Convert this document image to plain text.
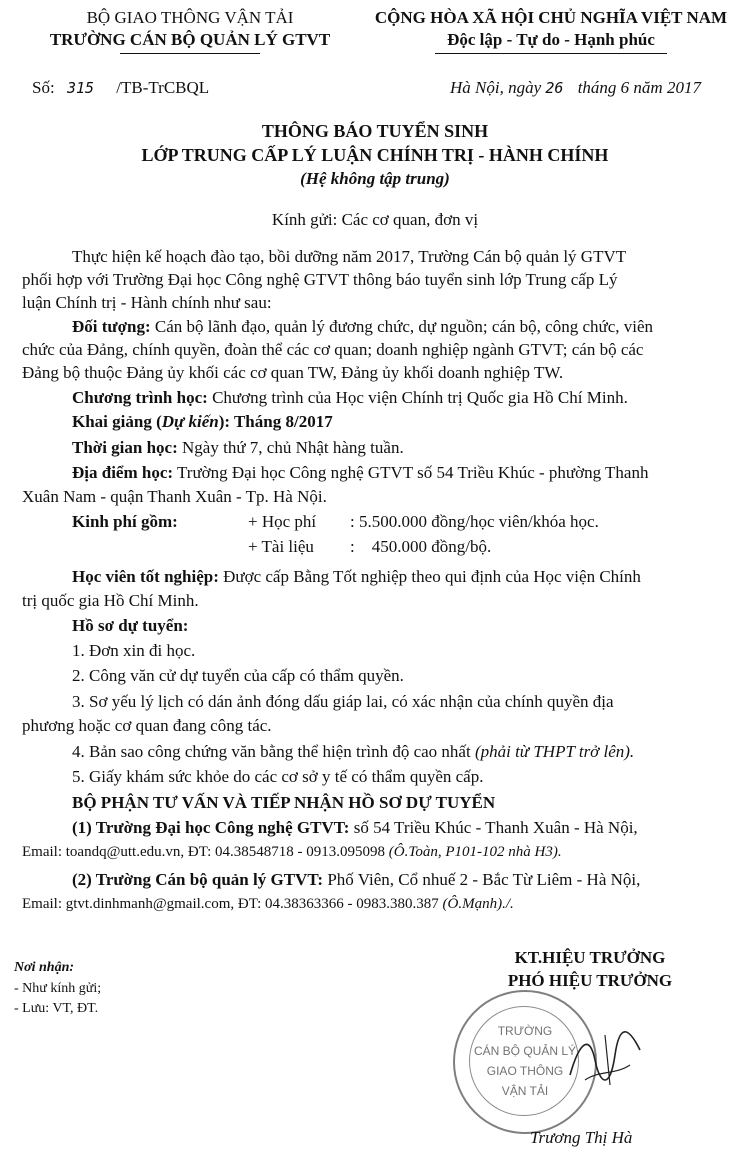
BỘ GIAO THÔNG VẬN TẢI
TRƯỜNG CÁN BỘ QUẢN LÝ GTVT
CỘNG HÒA XÃ HỘI CHỦ NGHĨA VIỆT NAM
Độc lập - Tự do - Hạnh phúc
Số: 315 /TB-TrCBQL	Hà Nội, ngày 26 tháng 6 năm 2017
THÔNG BÁO TUYỂN SINH
LỚP TRUNG CẤP LÝ LUẬN CHÍNH TRỊ - HÀNH CHÍNH
(Hệ không tập trung)
Kính gửi: Các cơ quan, đơn vị
Thực hiện kế hoạch đào tạo, bồi dưỡng năm 2017, Trường Cán bộ quản lý GTVT
phối hợp với Trường Đại học Công nghệ GTVT thông báo tuyển sinh lớp Trung cấp Lý
luận Chính trị - Hành chính như sau:
Đối tượng: Cán bộ lãnh đạo, quản lý đương chức, dự nguồn; cán bộ, công chức, viên
chức của Đảng, chính quyền, đoàn thể các cơ quan; doanh nghiệp ngành GTVT; cán bộ các
Đảng bộ thuộc Đảng ủy khối các cơ quan TW, Đảng ủy khối doanh nghiệp TW.
Chương trình học: Chương trình của Học viện Chính trị Quốc gia Hồ Chí Minh.
Khai giảng (Dự kiến): Tháng 8/2017
Thời gian học: Ngày thứ 7, chủ Nhật hàng tuần.
Địa điểm học: Trường Đại học Công nghệ GTVT số 54 Triều Khúc - phường Thanh
Xuân Nam - quận Thanh Xuân - Tp. Hà Nội.
Kinh phí gồm:	+ Học phí : 5.500.000 đồng/học viên/khóa học.
+ Tài liệu :    450.000 đồng/bộ.
Học viên tốt nghiệp: Được cấp Bằng Tốt nghiệp theo qui định của Học viện Chính
trị quốc gia Hồ Chí Minh.
Hồ sơ dự tuyển:
1. Đơn xin đi học.
2. Công văn cử dự tuyển của cấp có thẩm quyền.
3. Sơ yếu lý lịch có dán ảnh đóng dấu giáp lai, có xác nhận của chính quyền địa
phương hoặc cơ quan đang công tác.
4. Bản sao công chứng văn bằng thể hiện trình độ cao nhất (phải từ THPT trở lên).
5. Giấy khám sức khỏe do các cơ sở y tế có thẩm quyền cấp.
BỘ PHẬN TƯ VẤN VÀ TIẾP NHẬN HỒ SƠ DỰ TUYỂN
(1) Trường Đại học Công nghệ GTVT: số 54 Triều Khúc - Thanh Xuân - Hà Nội,
Email: toandq@utt.edu.vn, ĐT: 04.38548718 - 0913.095098 (Ô.Toàn, P101-102 nhà H3).
(2) Trường Cán bộ quản lý GTVT: Phố Viên, Cổ nhuế 2 - Bắc Từ Liêm - Hà Nội,
Email: gtvt.dinhmanh@gmail.com, ĐT: 04.38363366 - 0983.380.387 (Ô.Mạnh)./.
Nơi nhận:
- Như kính gửi;
- Lưu: VT, ĐT.
KT.HIỆU TRƯỞNG
PHÓ HIỆU TRƯỞNG
TRƯỜNG
CÁN BỘ QUẢN LÝ
GIAO THÔNG
VẬN TẢI
Trương Thị Hà
